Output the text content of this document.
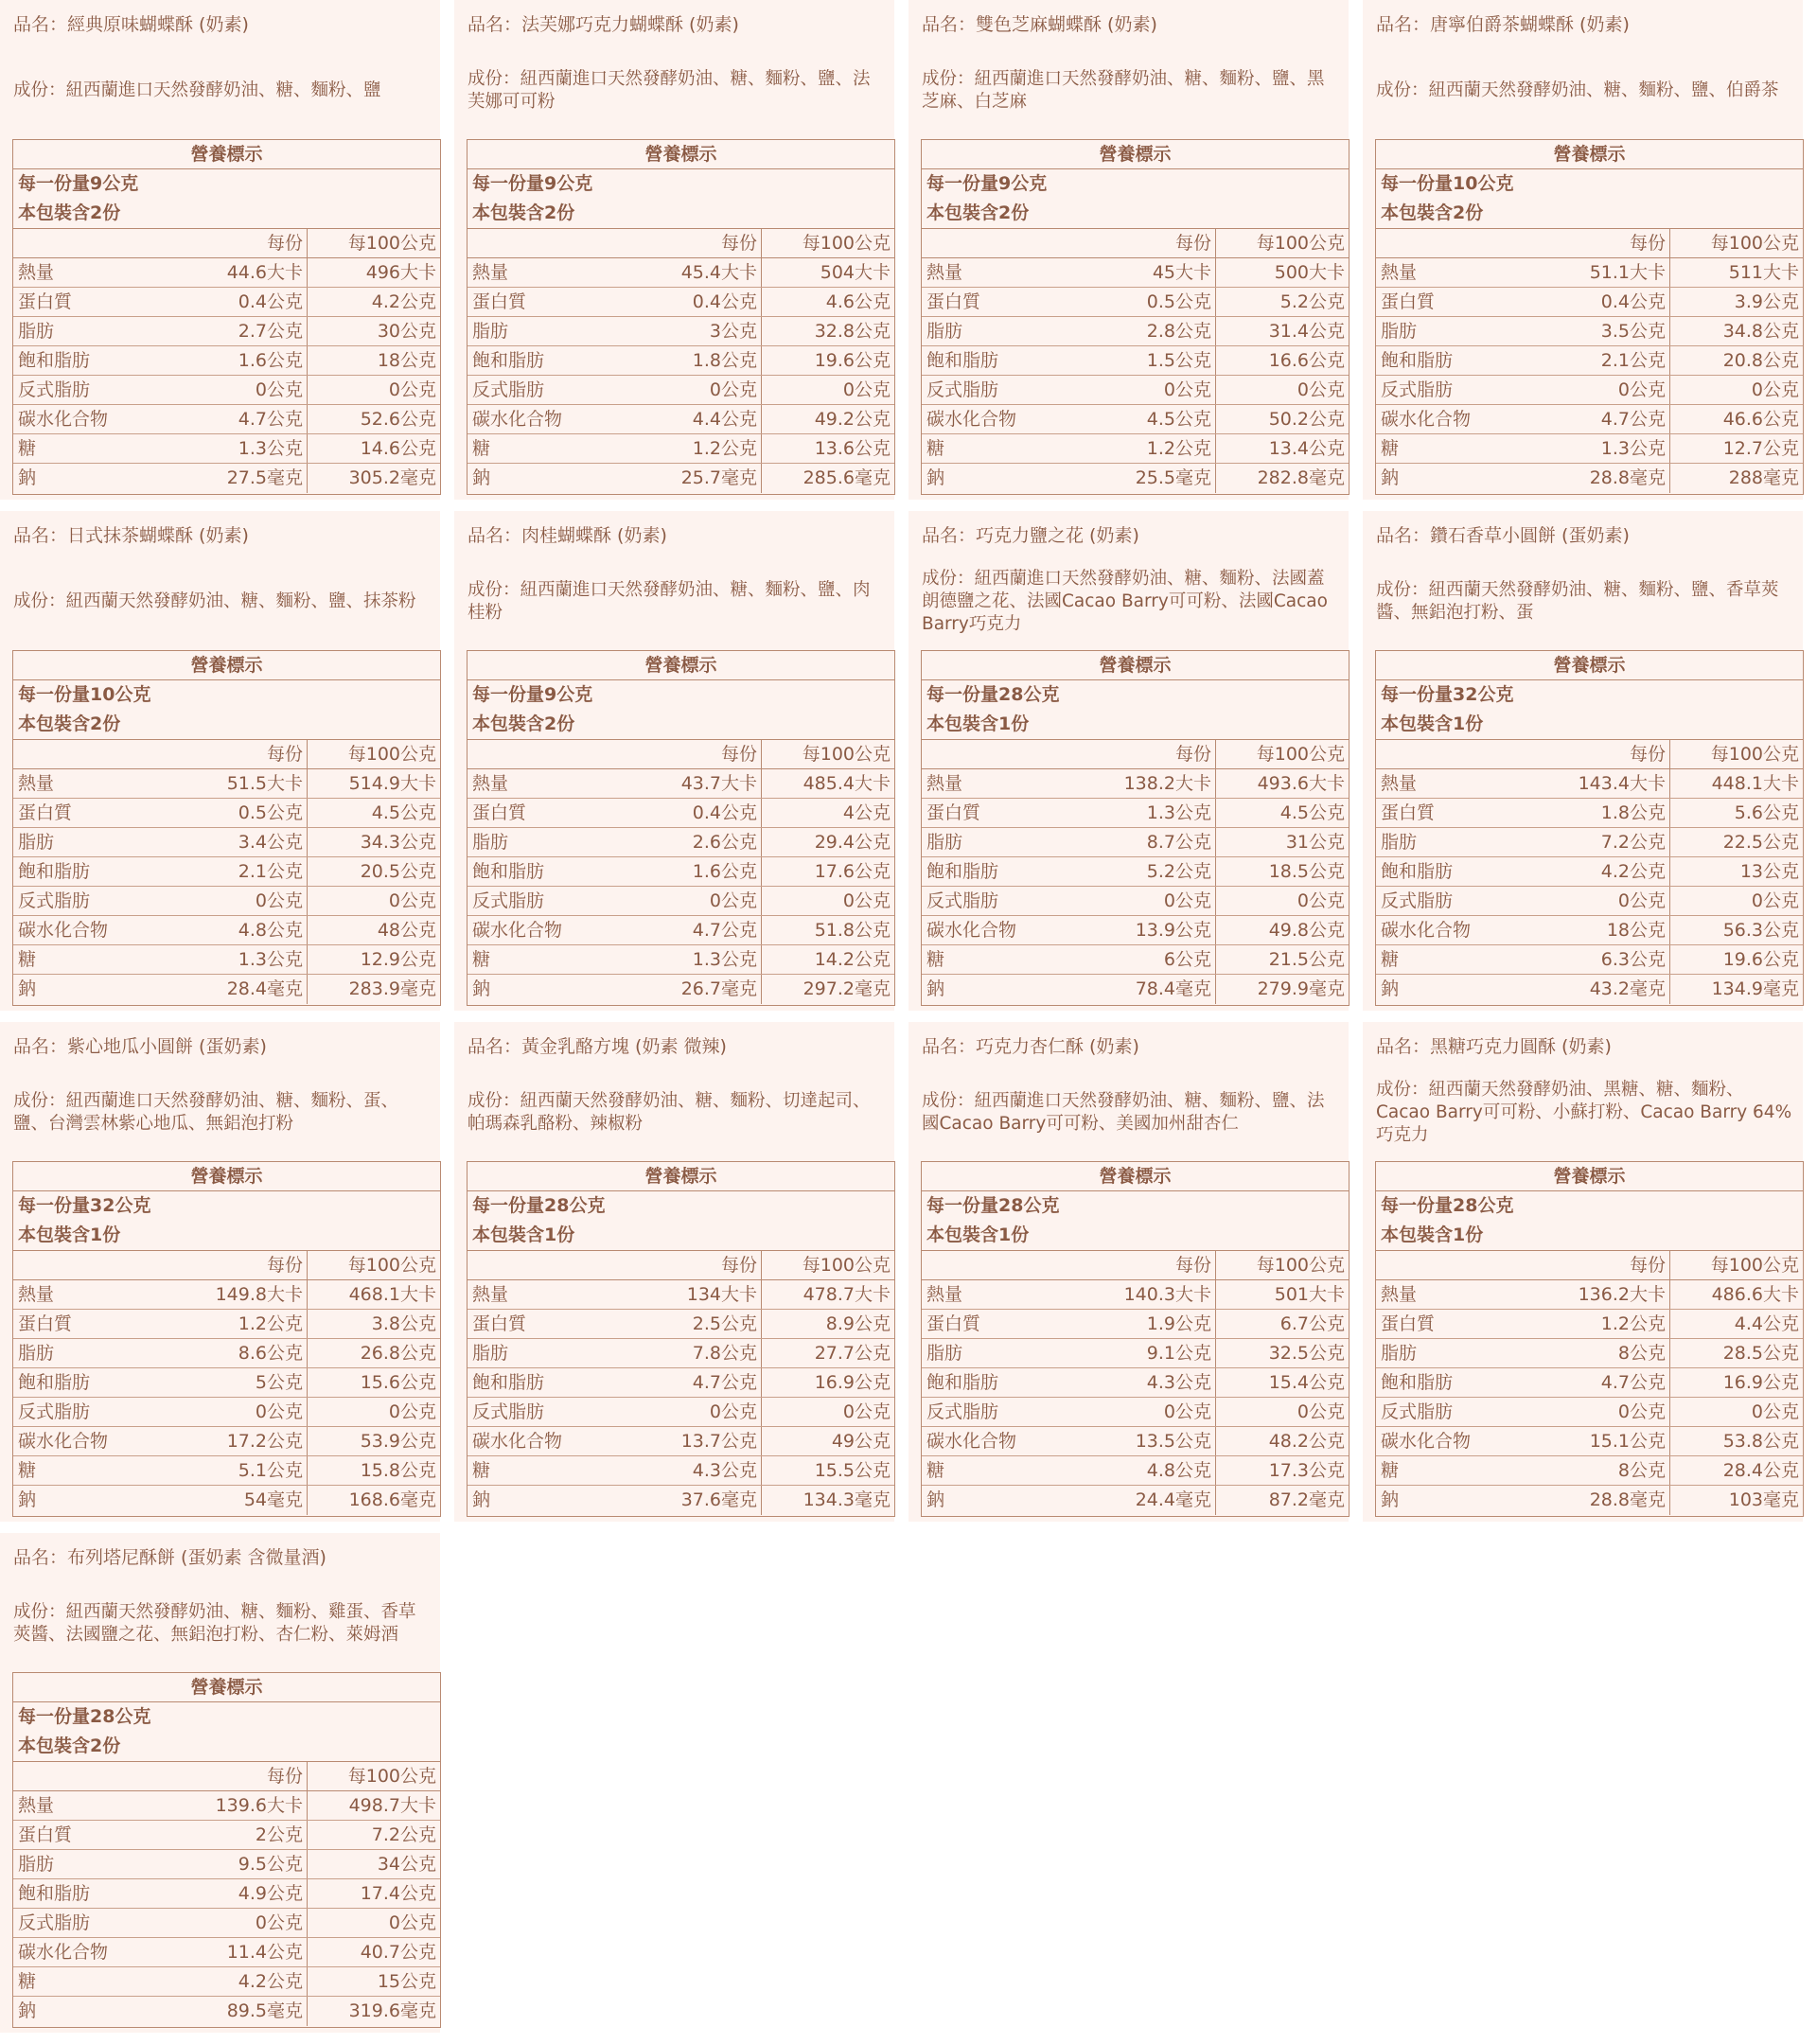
品名：經典原味蝴蝶酥 (奶素)
成份：紐西蘭進口天然發酵奶油、糖、麵粉、鹽
營養標示
每一份量9公克
本包裝含2份
每份	每100公克
熱量	44.6大卡	496大卡
蛋白質	0.4公克	4.2公克
脂肪	2.7公克	30公克
飽和脂肪	1.6公克	18公克
反式脂肪	0公克	0公克
碳水化合物	4.7公克	52.6公克
糖	1.3公克	14.6公克
鈉	27.5毫克	305.2毫克
品名：法芙娜巧克力蝴蝶酥 (奶素)
成份：紐西蘭進口天然發酵奶油、糖、麵粉、鹽、法芙娜可可粉
營養標示
每一份量9公克
本包裝含2份
每份	每100公克
熱量	45.4大卡	504大卡
蛋白質	0.4公克	4.6公克
脂肪	3公克	32.8公克
飽和脂肪	1.8公克	19.6公克
反式脂肪	0公克	0公克
碳水化合物	4.4公克	49.2公克
糖	1.2公克	13.6公克
鈉	25.7毫克	285.6毫克
品名：雙色芝麻蝴蝶酥 (奶素)
成份：紐西蘭進口天然發酵奶油、糖、麵粉、鹽、黑芝麻、白芝麻
營養標示
每一份量9公克
本包裝含2份
每份	每100公克
熱量	45大卡	500大卡
蛋白質	0.5公克	5.2公克
脂肪	2.8公克	31.4公克
飽和脂肪	1.5公克	16.6公克
反式脂肪	0公克	0公克
碳水化合物	4.5公克	50.2公克
糖	1.2公克	13.4公克
鈉	25.5毫克	282.8毫克
品名：唐寧伯爵茶蝴蝶酥 (奶素)
成份：紐西蘭天然發酵奶油、糖、麵粉、鹽、伯爵茶
營養標示
每一份量10公克
本包裝含2份
每份	每100公克
熱量	51.1大卡	511大卡
蛋白質	0.4公克	3.9公克
脂肪	3.5公克	34.8公克
飽和脂肪	2.1公克	20.8公克
反式脂肪	0公克	0公克
碳水化合物	4.7公克	46.6公克
糖	1.3公克	12.7公克
鈉	28.8毫克	288毫克
品名：日式抹茶蝴蝶酥 (奶素)
成份：紐西蘭天然發酵奶油、糖、麵粉、鹽、抹茶粉
營養標示
每一份量10公克
本包裝含2份
每份	每100公克
熱量	51.5大卡	514.9大卡
蛋白質	0.5公克	4.5公克
脂肪	3.4公克	34.3公克
飽和脂肪	2.1公克	20.5公克
反式脂肪	0公克	0公克
碳水化合物	4.8公克	48公克
糖	1.3公克	12.9公克
鈉	28.4毫克	283.9毫克
品名：肉桂蝴蝶酥 (奶素)
成份：紐西蘭進口天然發酵奶油、糖、麵粉、鹽、肉桂粉
營養標示
每一份量9公克
本包裝含2份
每份	每100公克
熱量	43.7大卡	485.4大卡
蛋白質	0.4公克	4公克
脂肪	2.6公克	29.4公克
飽和脂肪	1.6公克	17.6公克
反式脂肪	0公克	0公克
碳水化合物	4.7公克	51.8公克
糖	1.3公克	14.2公克
鈉	26.7毫克	297.2毫克
品名：巧克力鹽之花 (奶素)
成份：紐西蘭進口天然發酵奶油、糖、麵粉、法國蓋朗德鹽之花、法國Cacao Barry可可粉、法國Cacao Barry巧克力
營養標示
每一份量28公克
本包裝含1份
每份	每100公克
熱量	138.2大卡	493.6大卡
蛋白質	1.3公克	4.5公克
脂肪	8.7公克	31公克
飽和脂肪	5.2公克	18.5公克
反式脂肪	0公克	0公克
碳水化合物	13.9公克	49.8公克
糖	6公克	21.5公克
鈉	78.4毫克	279.9毫克
品名：鑽石香草小圓餅 (蛋奶素)
成份：紐西蘭天然發酵奶油、糖、麵粉、鹽、香草莢醬、無鋁泡打粉、蛋
營養標示
每一份量32公克
本包裝含1份
每份	每100公克
熱量	143.4大卡	448.1大卡
蛋白質	1.8公克	5.6公克
脂肪	7.2公克	22.5公克
飽和脂肪	4.2公克	13公克
反式脂肪	0公克	0公克
碳水化合物	18公克	56.3公克
糖	6.3公克	19.6公克
鈉	43.2毫克	134.9毫克
品名：紫心地瓜小圓餅 (蛋奶素)
成份：紐西蘭進口天然發酵奶油、糖、麵粉、蛋、鹽、台灣雲林紫心地瓜、無鋁泡打粉
營養標示
每一份量32公克
本包裝含1份
每份	每100公克
熱量	149.8大卡	468.1大卡
蛋白質	1.2公克	3.8公克
脂肪	8.6公克	26.8公克
飽和脂肪	5公克	15.6公克
反式脂肪	0公克	0公克
碳水化合物	17.2公克	53.9公克
糖	5.1公克	15.8公克
鈉	54毫克	168.6毫克
品名：黃金乳酪方塊 (奶素 微辣)
成份：紐西蘭天然發酵奶油、糖、麵粉、切達起司、帕瑪森乳酪粉、辣椒粉
營養標示
每一份量28公克
本包裝含1份
每份	每100公克
熱量	134大卡	478.7大卡
蛋白質	2.5公克	8.9公克
脂肪	7.8公克	27.7公克
飽和脂肪	4.7公克	16.9公克
反式脂肪	0公克	0公克
碳水化合物	13.7公克	49公克
糖	4.3公克	15.5公克
鈉	37.6毫克	134.3毫克
品名：巧克力杏仁酥 (奶素)
成份：紐西蘭進口天然發酵奶油、糖、麵粉、鹽、法國Cacao Barry可可粉、美國加州甜杏仁
營養標示
每一份量28公克
本包裝含1份
每份	每100公克
熱量	140.3大卡	501大卡
蛋白質	1.9公克	6.7公克
脂肪	9.1公克	32.5公克
飽和脂肪	4.3公克	15.4公克
反式脂肪	0公克	0公克
碳水化合物	13.5公克	48.2公克
糖	4.8公克	17.3公克
鈉	24.4毫克	87.2毫克
品名：黑糖巧克力圓酥 (奶素)
成份：紐西蘭天然發酵奶油、黑糖、糖、麵粉、Cacao Barry可可粉、小蘇打粉、Cacao Barry 64%巧克力
營養標示
每一份量28公克
本包裝含1份
每份	每100公克
熱量	136.2大卡	486.6大卡
蛋白質	1.2公克	4.4公克
脂肪	8公克	28.5公克
飽和脂肪	4.7公克	16.9公克
反式脂肪	0公克	0公克
碳水化合物	15.1公克	53.8公克
糖	8公克	28.4公克
鈉	28.8毫克	103毫克
品名：布列塔尼酥餅 (蛋奶素 含微量酒)
成份：紐西蘭天然發酵奶油、糖、麵粉、雞蛋、香草莢醬、法國鹽之花、無鋁泡打粉、杏仁粉、萊姆酒
營養標示
每一份量28公克
本包裝含2份
每份	每100公克
熱量	139.6大卡	498.7大卡
蛋白質	2公克	7.2公克
脂肪	9.5公克	34公克
飽和脂肪	4.9公克	17.4公克
反式脂肪	0公克	0公克
碳水化合物	11.4公克	40.7公克
糖	4.2公克	15公克
鈉	89.5毫克	319.6毫克
